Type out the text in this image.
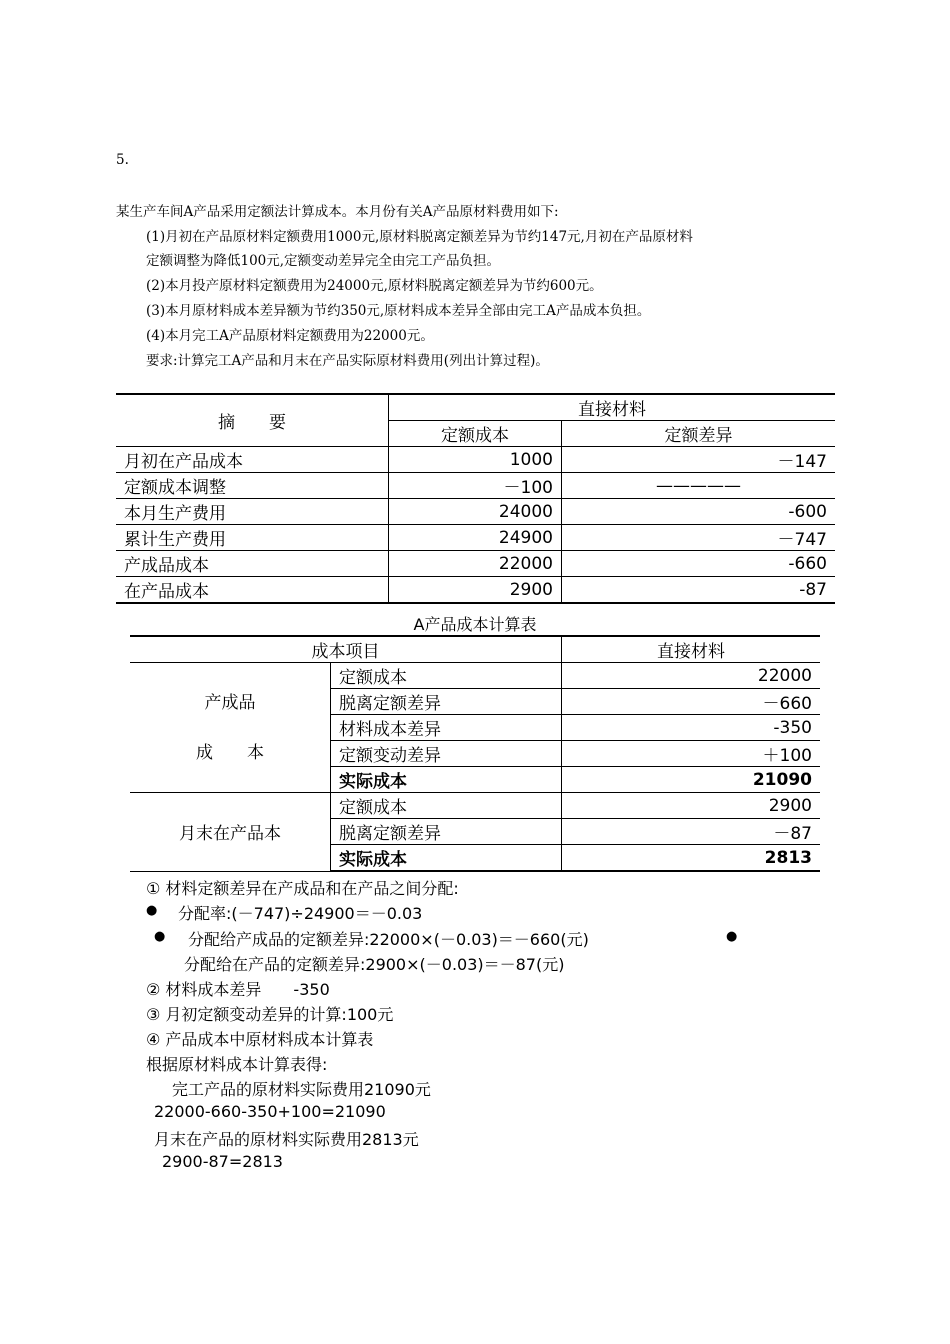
5.
某生产车间A产品采用定额法计算成本。本月份有关A产品原材料费用如下:
(1)月初在产品原材料定额费用1000元,原材料脱离定额差异为节约147元,月初在产品原材料
定额调整为降低100元,定额变动差异完全由完工产品负担。
(2)本月投产原材料定额费用为24000元,原材料脱离定额差异为节约600元。
(3)本月原材料成本差异额为节约350元,原材料成本差异全部由完工A产品成本负担。
(4)本月完工A产品原材料定额费用为22000元。
要求:计算完工A产品和月末在产品实际原材料费用(列出计算过程)。
摘　　要	直接材料	
	定额成本	定额差异
月初在产品成本	1000	－147
定额成本调整	－100	—————
本月生产费用	24000	-600
累计生产费用	24900	－747
产成品成本	22000	-660
在产品成本	2900	-87
A产品成本计算表
成本项目		直接材料

产成品
成　　本	定额成本	22000
	脱离定额差异	－660
	材料成本差异	-350
	定额变动差异	＋100
	实际成本	21090
月末在产品本	定额成本	2900
	脱离定额差异	－87
	实际成本	2813
① 材料定额差异在产成品和在产品之间分配:
● 分配率:(－747)÷24900＝－0.03
● 分配给产成品的定额差异:22000×(－0.03)＝－660(元)	●
分配给在产品的定额差异:2900×(－0.03)＝－87(元)
② 材料成本差异　　-350
③ 月初定额变动差异的计算:100元
④ 产品成本中原材料成本计算表
根据原材料成本计算表得:
完工产品的原材料实际费用21090元
22000-660-350+100=21090
月末在产品的原材料实际费用2813元
2900-87=2813
